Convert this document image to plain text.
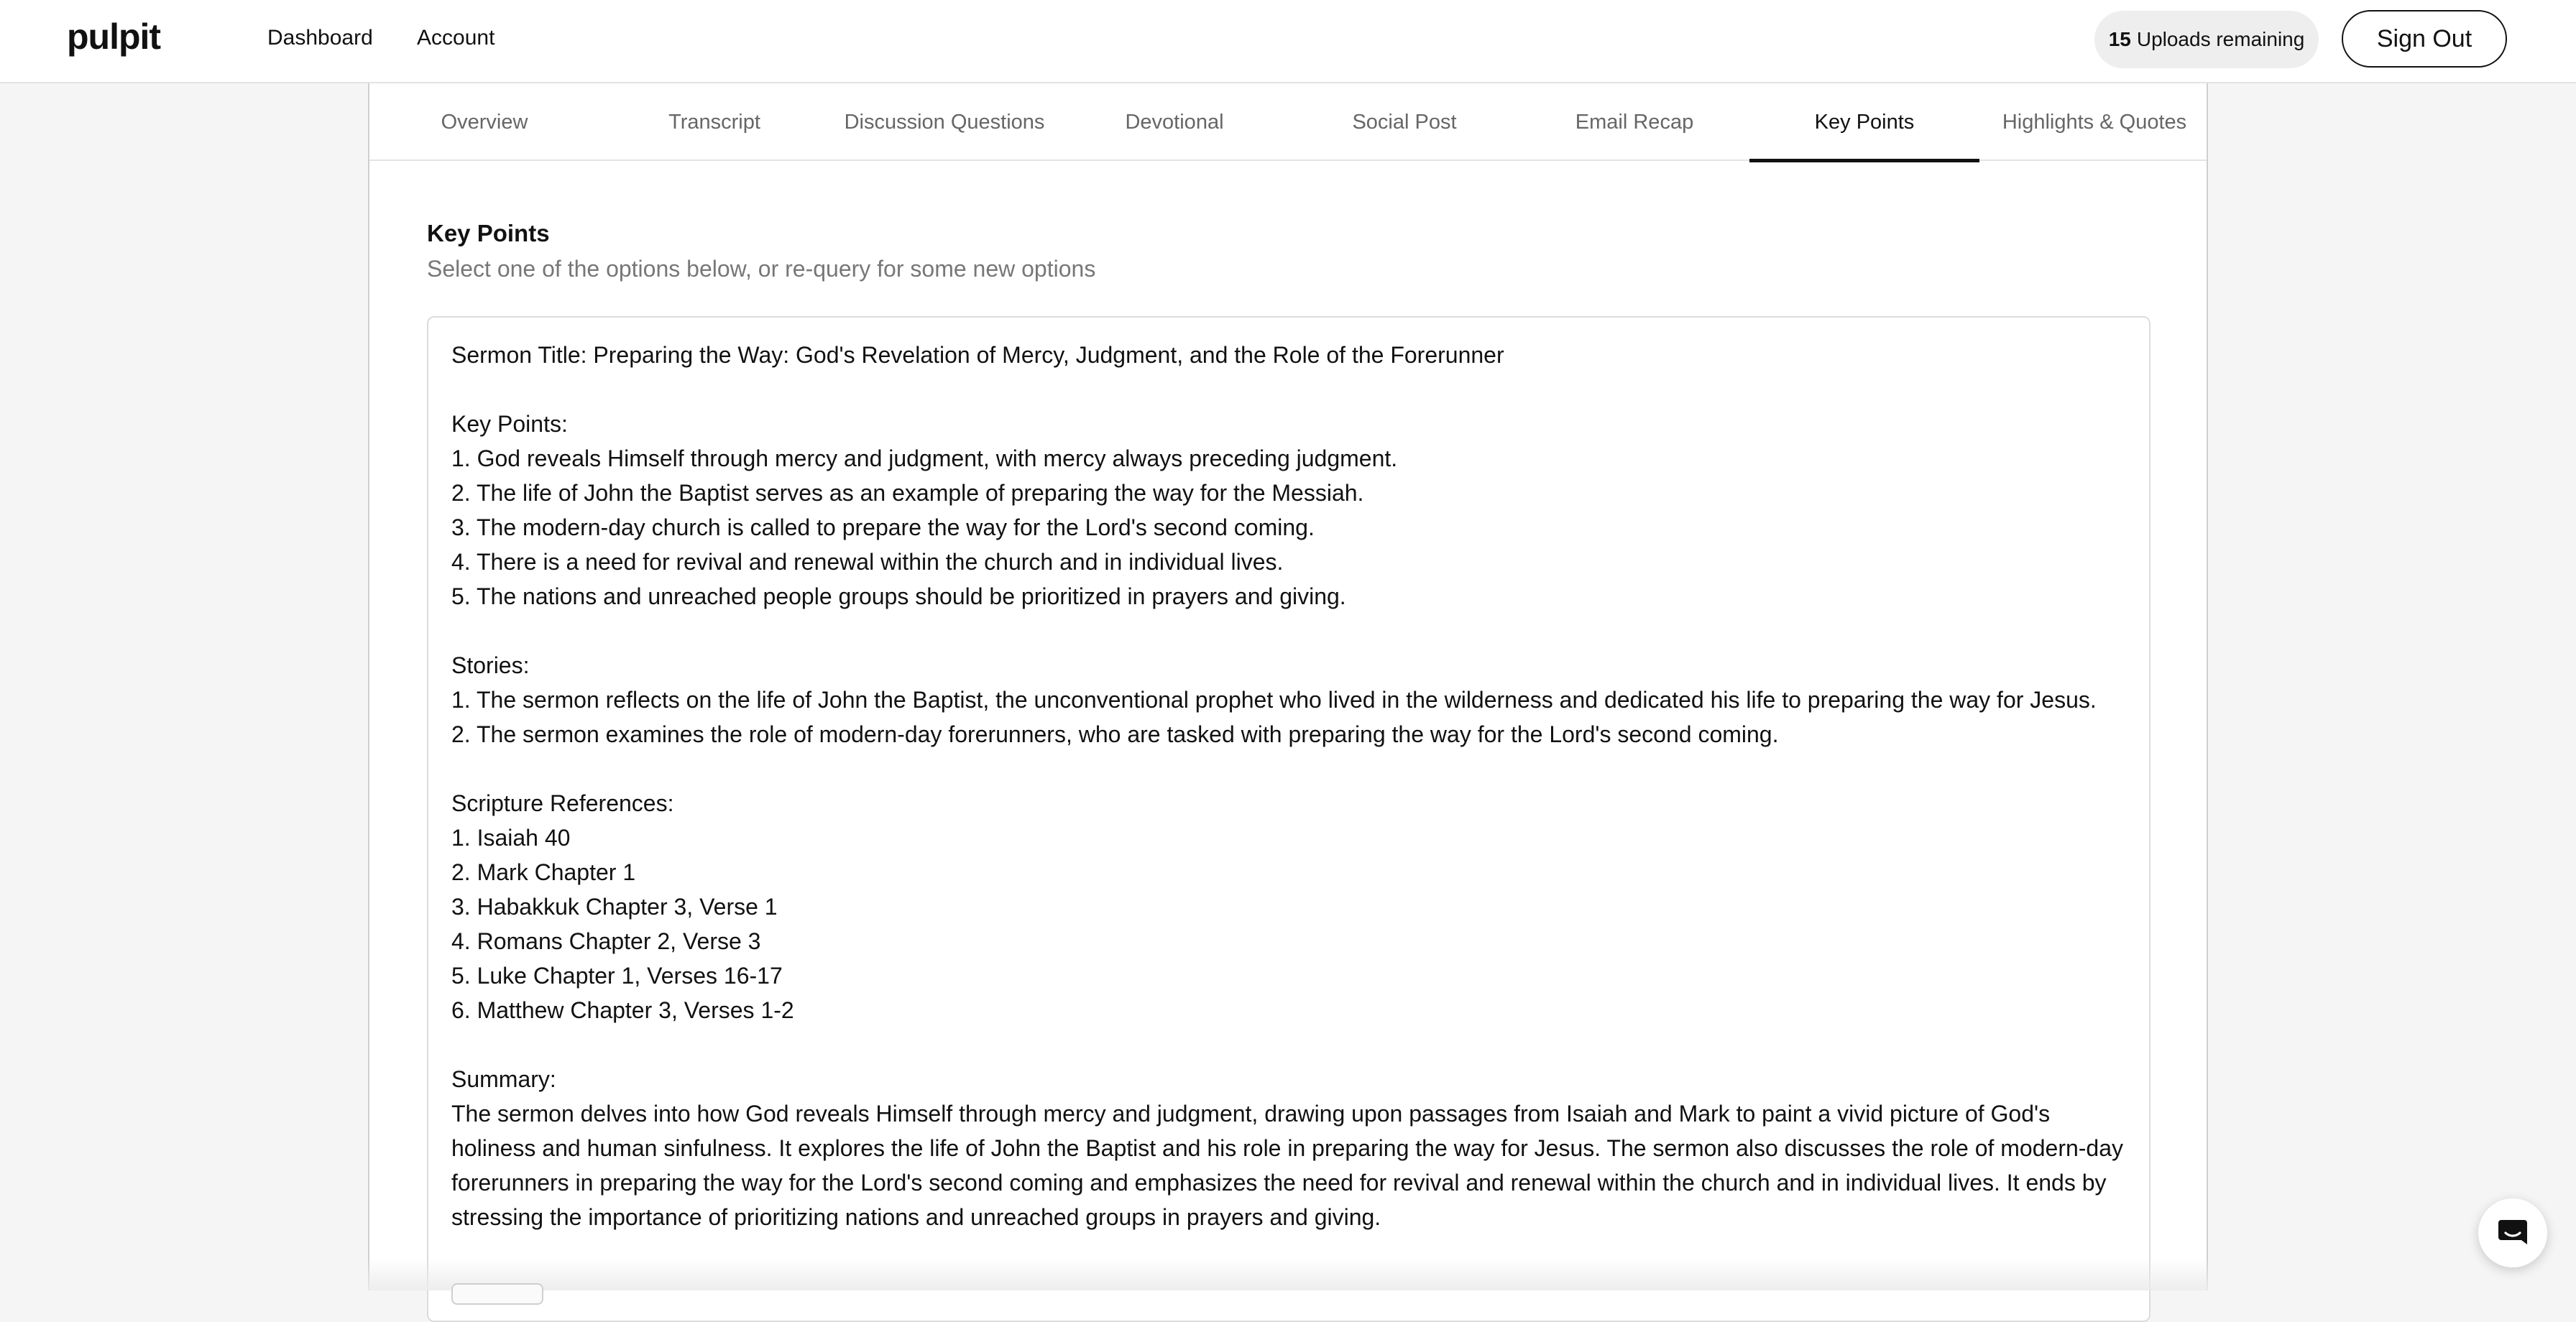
pulpit	Dashboard Account	15 Uploads remaining	Sign Out
Overview	Transcript	Discussion Questions	Devotional	Social Post	Email Recap	Key Points	Highlights & Quotes
Key Points
Select one of the options below, or re-query for some new options
Sermon Title: Preparing the Way: God's Revelation of Mercy, Judgment, and the Role of the Forerunner

Key Points:
1. God reveals Himself through mercy and judgment, with mercy always preceding judgment.
2. The life of John the Baptist serves as an example of preparing the way for the Messiah.
3. The modern-day church is called to prepare the way for the Lord's second coming.
4. There is a need for revival and renewal within the church and in individual lives.
5. The nations and unreached people groups should be prioritized in prayers and giving.

Stories:
1. The sermon reflects on the life of John the Baptist, the unconventional prophet who lived in the wilderness and dedicated his life to preparing the way for Jesus.
2. The sermon examines the role of modern-day forerunners, who are tasked with preparing the way for the Lord's second coming.

Scripture References:
1. Isaiah 40
2. Mark Chapter 1
3. Habakkuk Chapter 3, Verse 1
4. Romans Chapter 2, Verse 3
5. Luke Chapter 1, Verses 16-17
6. Matthew Chapter 3, Verses 1-2

Summary:
The sermon delves into how God reveals Himself through mercy and judgment, drawing upon passages from Isaiah and Mark to paint a vivid picture of God's holiness and human sinfulness. It explores the life of John the Baptist and his role in preparing the way for Jesus. The sermon also discusses the role of modern-day forerunners in preparing the way for the Lord's second coming and emphasizes the need for revival and renewal within the church and in individual lives. It ends by stressing the importance of prioritizing nations and unreached groups in prayers and giving.
